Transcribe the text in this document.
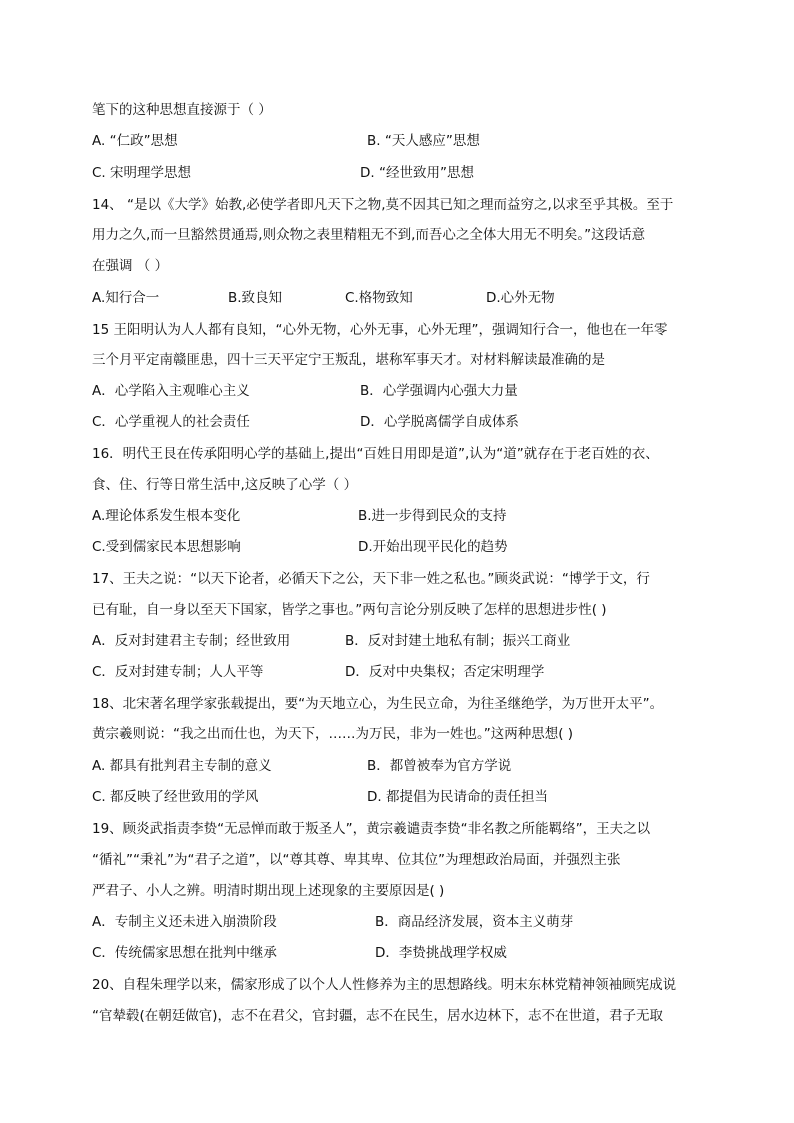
笔下的这种思想直接源于（ ）
A. “仁政”思想	B. “天人感应”思想
C. 宋明理学思想	D. “经世致用”思想
14、 “是以《大学》始教,必使学者即凡天下之物,莫不因其已知之理而益穷之,以求至乎其极。至于
用力之久,而一旦豁然贯通焉,则众物之表里精粗无不到,而吾心之全体大用无不明矣。”这段话意
在强调 （ ）
A.知行合一	B.致良知	C.格物致知	D.心外无物
15 王阳明认为人人都有良知，“心外无物，心外无事，心外无理”，强调知行合一，他也在一年零
三个月平定南赣匪患，四十三天平定宁王叛乱，堪称军事天才。对材料解读最准确的是
A．心学陷入主观唯心主义	B．心学强调内心强大力量
C．心学重视人的社会责任	D．心学脱离儒学自成体系
16．明代王艮在传承阳明心学的基础上,提出“百姓日用即是道”,认为“道”就存在于老百姓的衣、
食、住、行等日常生活中,这反映了心学（ ）
A.理论体系发生根本变化	B.进一步得到民众的支持
C.受到儒家民本思想影响	D.开始出现平民化的趋势
17、王夫之说：“以天下论者，必循天下之公，天下非一姓之私也。”顾炎武说：“博学于文，行
已有耻，自一身以至天下国家，皆学之事也。”两句言论分别反映了怎样的思想进步性( )
A．反对封建君主专制；经世致用	B．反对封建土地私有制；振兴工商业
C．反对封建专制；人人平等	D．反对中央集权；否定宋明理学
18、北宋著名理学家张载提出，要“为天地立心，为生民立命，为往圣继绝学，为万世开太平”。
黄宗羲则说：“我之出而仕也，为天下，……为万民，非为一姓也。”这两种思想( )
A. 都具有批判君主专制的意义	B．都曾被奉为官方学说
C. 都反映了经世致用的学风	D. 都提倡为民请命的责任担当
19、顾炎武指责李贽“无忌惮而敢于叛圣人”，黄宗羲谴责李贽“非名教之所能羁络”，王夫之以
“循礼”“秉礼”为“君子之道”，以“尊其尊、卑其卑、位其位”为理想政治局面，并强烈主张
严君子、小人之辨。明清时期出现上述现象的主要原因是( )
A．专制主义还未进入崩溃阶段	B．商品经济发展，资本主义萌芽
C．传统儒家思想在批判中继承	D．李贽挑战理学权威
20、自程朱理学以来，儒家形成了以个人人性修养为主的思想路线。明末东林党精神领袖顾宪成说
“官辇毂(在朝廷做官)，志不在君父，官封疆，志不在民生，居水边林下，志不在世道，君子无取
